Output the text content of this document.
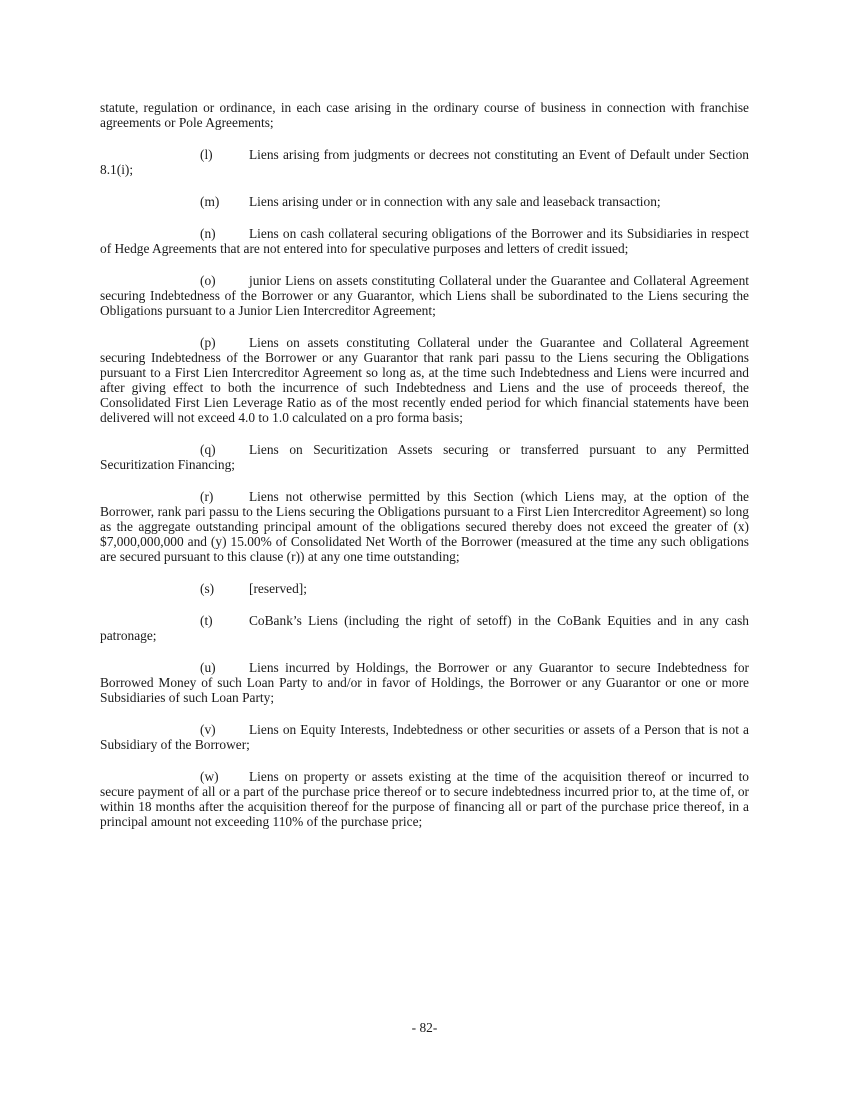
statute, regulation or ordinance, in each case arising in the ordinary course of business in connection with franchise agreements or Pole Agreements;

(l)	Liens arising from judgments or decrees not constituting an Event of Default under Section 8.1(i);

(m) Liens arising under or in connection with any sale and leaseback transaction;

(n) Liens on cash collateral securing obligations of the Borrower and its Subsidiaries in respect of Hedge Agreements that are not entered into for speculative purposes and letters of credit issued;

(o) junior Liens on assets constituting Collateral under the Guarantee and Collateral Agreement securing Indebtedness of the Borrower or any Guarantor, which Liens shall be subordinated to the Liens securing the Obligations pursuant to a Junior Lien Intercreditor Agreement;

(p) Liens on assets constituting Collateral under the Guarantee and Collateral Agreement securing Indebtedness of the Borrower or any Guarantor that rank pari passu to the Liens securing the Obligations pursuant to a First Lien Intercreditor Agreement so long as, at the time such Indebtedness and Liens were incurred and after giving effect to both the incurrence of such Indebtedness and Liens and the use of proceeds thereof, the Consolidated First Lien Leverage Ratio as of the most recently ended period for which financial statements have been delivered will not exceed 4.0 to 1.0 calculated on a pro forma basis;

(q) Liens on Securitization Assets securing or transferred pursuant to any Permitted Securitization Financing;

(r)	Liens not otherwise permitted by this Section (which Liens may, at the option of the Borrower, rank pari passu to the Liens securing the Obligations pursuant to a First Lien Intercreditor Agreement) so long as the aggregate outstanding principal amount of the obligations secured thereby does not exceed the greater of (x) $7,000,000,000 and (y) 15.00% of Consolidated Net Worth of the Borrower (measured at the time any such obligations are secured pursuant to this clause (r)) at any one time outstanding;

(s)	[reserved];

(t)	CoBank’s Liens (including the right of setoff) in the CoBank Equities and in any cash patronage;

(u) Liens incurred by Holdings, the Borrower or any Guarantor to secure Indebtedness for Borrowed Money of such Loan Party to and/or in favor of Holdings, the Borrower or any Guarantor or one or more Subsidiaries of such Loan Party;

(v) Liens on Equity Interests, Indebtedness or other securities or assets of a Person that is not a Subsidiary of the Borrower;

(w) Liens on property or assets existing at the time of the acquisition thereof or incurred to secure payment of all or a part of the purchase price thereof or to secure indebtedness incurred prior to, at the time of, or within 18 months after the acquisition thereof for the purpose of financing all or part of the purchase price thereof, in a principal amount not exceeding 110% of the purchase price;

- 82-
